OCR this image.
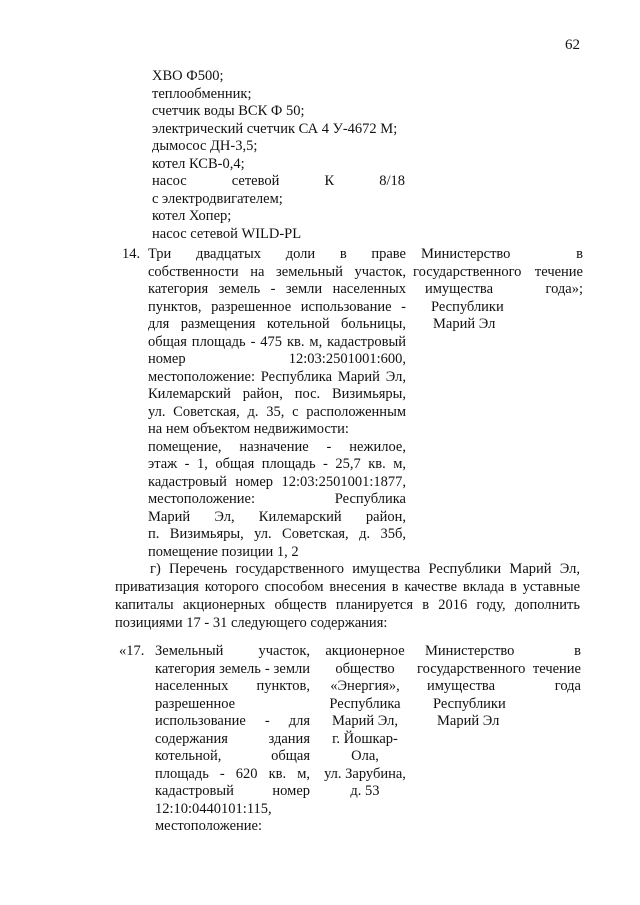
62
ХВО Ф500;
теплообменник;
счетчик воды ВСК Ф 50;
электрический счетчик СА 4 У-4672 М;
дымосос ДН-3,5;
котел КСВ-0,4;
насос сетевой К 8/18
с электродвигателем;
котел Хопер;
насос сетевой WILD-PL
14. Три двадцатых доли в праве
собственности на земельный участок,
категория земель - земли населенных
пунктов, разрешенное использование -
для размещения котельной больницы,
общая площадь - 475 кв. м, кадастровый
номер 12:03:2501001:600,
местоположение: Республика Марий Эл,
Килемарский район, пос. Визимьяры,
ул. Советская, д. 35, с расположенным
на нем объектом недвижимости:
помещение, назначение - нежилое,
этаж - 1, общая площадь - 25,7 кв. м,
кадастровый номер 12:03:2501001:1877,
местоположение: Республика
Марий Эл, Килемарский район,
п. Визимьяры, ул. Советская, д. 35б,
помещение позиции 1, 2
Министерство в
государственного течение
имущества года»;
Республики
Марий Эл
г) Перечень государственного имущества Республики Марий Эл,
приватизация которого способом внесения в качестве вклада в уставные
капиталы акционерных обществ планируется в 2016 году, дополнить
позициями 17 - 31 следующего содержания:
«17. Земельный участок,
категория земель - земли
населенных пунктов,
разрешенное
использование - для
содержания здания
котельной, общая
площадь - 620 кв. м,
кадастровый номер
12:10:0440101:115,
местоположение:
акционерное
общество
«Энергия»,
Республика
Марий Эл,
г. Йошкар-
Ола,
ул. Зарубина,
д. 53
Министерство в
государственного течение
имущества года
Республики
Марий Эл
